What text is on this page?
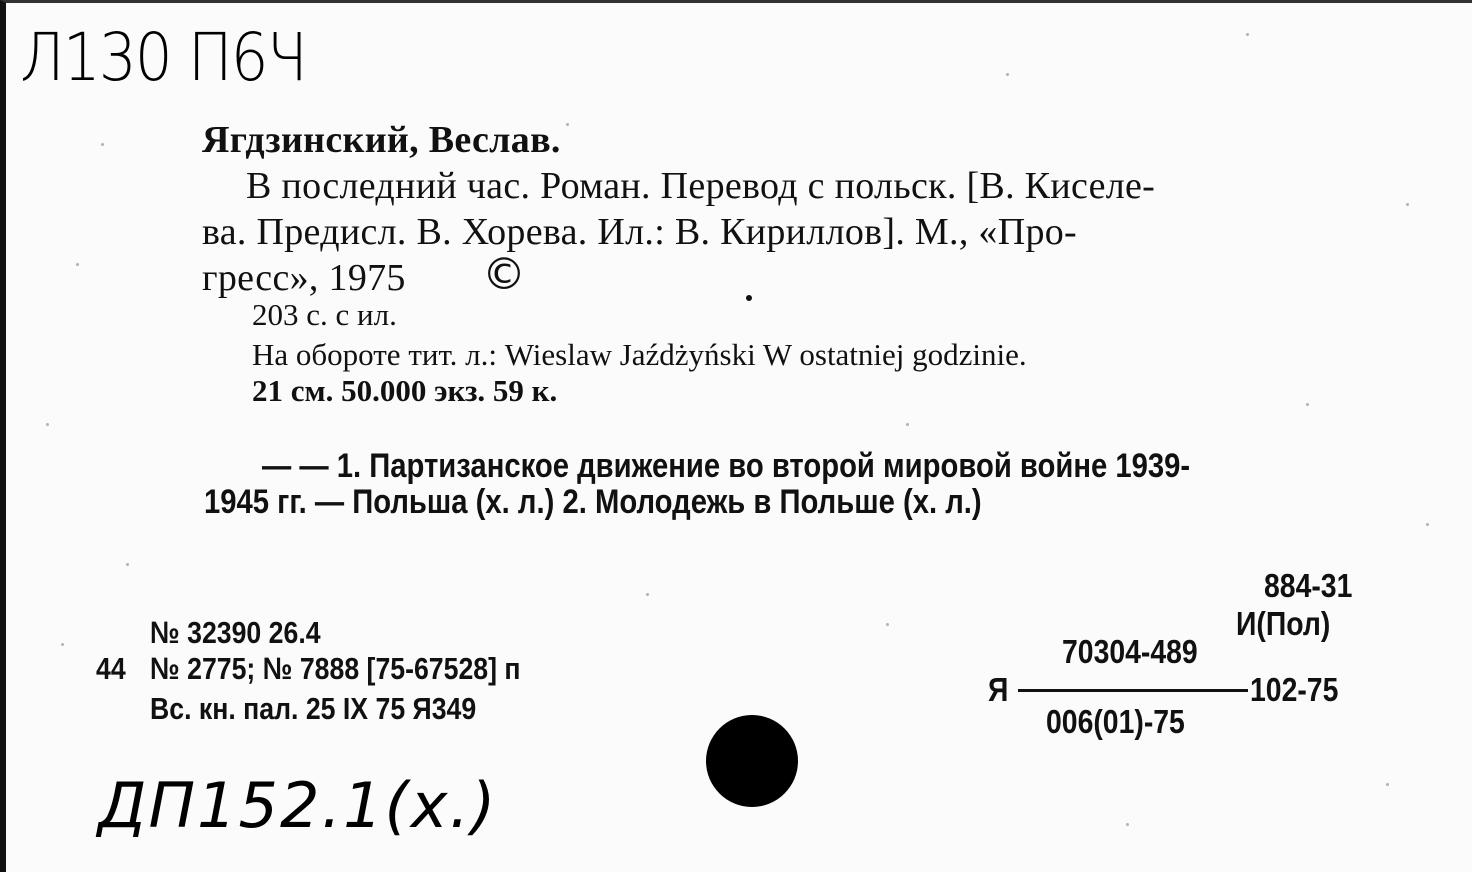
Л130 П6Ч
Ягдзинский, Веслав.
В последний час. Роман. Перевод с польск. [В. Киселе-
ва. Предисл. В. Хорева. Ил.: В. Кириллов]. М., «Про-
гресс», 1975 ©
203 с. с ил.
На обороте тит. л.: Wieslaw Jaźdżyński W ostatniej godzinie.
21 см. 50.000 экз. 59 к.
— — 1. Партизанское движение во второй мировой войне 1939-
1945 гг. — Польша (х. л.) 2. Молодежь в Польше (х. л.)
884-31
И(Пол)
70304-489
Я	102-75
006(01)-75
№ 32390 26.4
44 № 2775; № 7888 [75-67528] п
Вс. кн. пал. 25 IX 75 Я349
ДП152.1(х.)
